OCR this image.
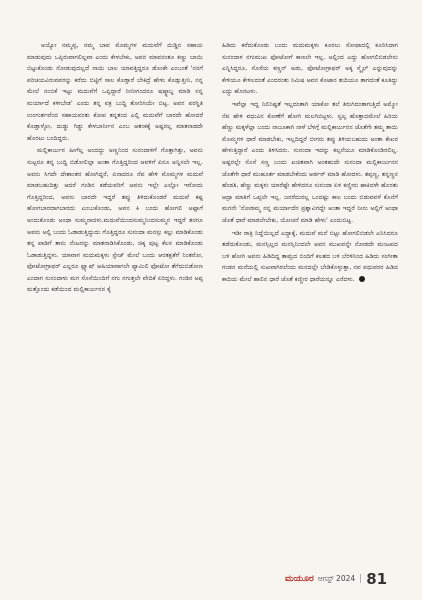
ಅಯ್ಯೋ ನಮ್ಮಪ್ಪ, ನಮ್ಮ ಬಾವ ಮೊಮ್ಮಗಳ ಮದುವೆಗೆ ದುಡ್ಡಿನ ಸಹಾಯ ಮಾಡುವುದು ಒಪ್ಪಿರುವಾಗಲಿಲ್ಲವಾ ಎಂದು ಕೇಳಬೇಕು, ಅವನ ಮಾವನಂತೂ ಕಣ್ಣು ಬಾಯಿ ಬಿಟ್ಟುಕೊಂಡು ನೋಡುವುದಲ್ಲದೆ ನಾಯಿ ಬಾಲ ಯಾವತ್ತಿದ್ದರೂ ಡೊಂಕೇ ಎಂಬಂತೆ 'ನನಗೆ ಪರಿಚಯವಿರುವವರನ್ನು ಕರೆದು ಬಿಟ್ಟಿಗೆ ಸಾಲ ಕೊಡ್ತಾರೆ ಬೇಕಿದ್ರೆ ಹೇಳು ಕೊಡ್ಸುತ್ತೀನಿ, ನನ್ನ ಮೇಲೆ ನಂಬಿಕೆ ಇಟ್ಟು ಮದುವೆಗೆ ಒಪ್ಪಿದ್ದಾರೆ ನೀನೀಗಂದರೂ ಷಷ್ಠ್ಯಾಬ್ದ ಮಾಡಿ ನನ್ನ ಮರ್ಯಾದೆ ಕಳೀಬೇಡ' ಎಂದು ತನ್ನ ವಕ್ರ ಬುದ್ಧಿ ತೋರಿಸಿಯೇ ಬಿಟ್ಟ. ಅವನ ಪರಸ್ಥಿತಿ ಉಂಗುರ್ತವೆಂದ ಸಹಾಯವಂತು ಕೋಪ ತನ್ನತಂದ ಎಲ್ಲಿ ಮದುವೆಗೆ ಬಾರದೇ ಹೋದರೆ ಕೊಡ್ತಾಳ್ಳೋ, ದುಡ್ಡು ಗಿಡ್ಡು ಕೇಳಬಾರ್ನೀನ ಎಂಬ ಆತಂಕಕ್ಕೆ ಅಷ್ಟರಲ್ಲ ಮಾತನಾಡದೇ ಹೊರಟು ಬಂದಿದ್ದರು.

ಮಲ್ಲಿಕಾರ್ಜುನ ಹೀಗೆಲ್ಲ ಅಂದದ್ದು ಅಣ್ಣನಿಂದ ಸುನಂದಾಳಿಗೆ ಗೊತ್ತಾಗಿತ್ತು, ಅವನು ಸುಟ್ಟರೂ ತನ್ನ ಬುದ್ದಿ ಬಿಡೋಲಿಲ್ಲಾ ಅಂತಾ ಗೊತ್ತಿದ್ದರಿಂದ ಆವಳಿಗೆ ಏನೂ ಅನ್ನಿಸಲೇ ಇಲ್ಲ. ಅವನು ಸಿಗದೇ ದೇಶಾಂತರ ಹೋಗಿದ್ದರೆ, ಏನಾದರೂ ನೆಪ ಹೇಳಿ ಮೊಮ್ಮಗಳ ಮದುವೆ ಮಾಡಬಹುದಿತ್ತು ಆದರೆ ಗಂಡಿನ ಕಡೆಯವರಿಗೆ ಅವನು ಇಲ್ಲೇ ಎಲ್ಲೋ ಇರೋದು ಗೊತ್ತಿದ್ದರಿಂದ, ಅವನು ಬಾರದೇ ಇದ್ದರೆ ತಪ್ಪು ತಿಳಿದುಕೊಂಡರೆ ಮದುವೆ ಕಷ್ಟ ಹೋಗಬಾರದಾಗಬಾರದು ಎಂಬುಕೊಂಡು, ಅವನ ಕಿ ಬಂದು ಹೋಗಲಿ ಅಷ್ಟಾಗೆ ಅಂದುಕೊಂಡು ಅಂಥಾ ಸುಮ್ಮನಾದಳು.ಮದುವೆಯಿಂದಸುಮ್ಮನಿಂದಸುಮ್ಮನ ಇದ್ದರೆ ತನಗೂ ಅವನು ಅಲ್ಲಿ ಬಂದು ಓಡಾಡುತ್ತಿದ್ದುದು ಗೊತ್ತಿದ್ದರೂ ಸುನಂದಾ ಮನಸ್ಸು ಕಲ್ಲು ಮಾಡಿಕೊಂಡು ತನ್ನ ಪಾಡಿಗೆ ತಾನು ನೆಂಟರನ್ನು ಮಾತನಾಡಿಸಿಕೊಂಡು, ಚಿಕ್ಕ ಪುಟ್ಟ ಕೆಲಸ ಮಾಡಿಕೊಂಡು ಓಡಾಡುತ್ತಿದ್ದಳು. ಯಾವಾಗ ಮದುಮಕ್ಕಳು ಸ್ಟೇಜ್ ಮೇಲೆ ಬಂದು ಆರತಕ್ಷತೆಗೆ ನಿಂತರೋ, ಫೋಟೋಗ್ರಾಫರ್ ಎಲ್ಲರೂ ಫ್ಲ್ಯಾಷ್ ಆಹಿಯಾವಾಗಲೇ ಫ್ಯಾಮಿಲಿ ಫೋಟೋ ತೆಗೆದುಬಿಡೋಣ ಎಂದಾಗ ಸುನಂದಾಳು ಮಗ ಸೊಸೆಯಿಂದಿಗೆ ನಗು ನಗುತ್ತಲೇ ವೇದಿಕೆ ಏರಿದ್ದಳು. ಗಂಡಿನ ಅಪ್ಪ ಮತ್ತೊಂದು ಕಡೆಯಿಂದ ಮಲ್ಲಿಕಾರ್ಜುನನ ಕೈ

ಹಿಡಿದು ಕರೆದುಕೊಂಡು ಬಂದು ಮದುಮಕ್ಕಳು ಕೂರಲು ಸೋಫಾದಲ್ಲಿ ಕೂರಿಸಿದಾಗ ಸುನಂದಾಳ ನಗುಮುಖ ಫೋಟೋಗೆ ಕಾಣಲೇ ಇಲ್ಲ. ಅಲ್ಲಿಂದ ಎದ್ದು ಹೋಗಲಿಬಿಡಲೇನು ಎನ್ನಿಸಿದ್ದರೂ, ಸೊಸೆಯ ಕಣ್ಣನ್ ಅಡು, ಫೋಟೋಗ್ರಾಫರ್ ಅಕ್ಕ ಸ್ಮೈಲ್ ಎನ್ನುವುದನ್ನು ಕೇಳಿಯೂ ಕೇಳಿಲದಂತೆ ಎಂದರಂತು ನಿಮಿಷ ಅವನ ಕೊಟಾನ ತುದಿಯೂ ತಾಗದಂತೆ ಕೂತಿದ್ದು ಎದ್ದು ಹೊರಟಳು.

ಇವೆಲ್ಲಾ ಇದ್ದ ನಿಲಿನಿಷ್ಟತೆ ಇಲ್ಲದಂತಾಗಿ ಯಾಕೋ ತಲೆ ತಿರುಗಿದಂತಾಗುತ್ತಿದೆ ಅಮ್ಮೋ ನೆಪ ಹೇಳಿ ವಧುವಿನ ಕೋಣೆಗೆ ಹೋಗಿ ಮಲಗಿಬಿಟ್ಟಳು. ಸ್ವಲ್ಪ ಹೊತ್ತಾದಮೇಲೆ ಹಿರಿಯ ಹೆಣ್ಣು ಮಕ್ಕಳೆಲ್ಲಾ ಬಂದು ನಾಜೂಕಾಗಿ ನಾಳೆ ಬೆಳಗ್ಗೆ ಮಲ್ಲಿಕಾರ್ಜುನನ ಜೊತೆಗೇ ತಮ್ಮ ತಾಯಿ ಮೊಮ್ಮಗಳ ಧಾರೆ ಮಾಡಬೇಕು, ಇಲ್ಲದಿದ್ದರೆ ಬೀಗರು ತಪ್ಪು ತಿಳಿಯಬಹುದು ಅಂತಾ ಕೇಖರ ಹೇಳುತ್ತಿದ್ದಾರೆ ಎಂದು ತಿಳಿಸಿದರು. ಸುನಂದಾ ಇದನ್ನು ಕಲ್ಪನೆಯೂ ಮಾಡಿಕೊಂಡಿರಲಿಲ್ಲ. ಅಷ್ಟರಲ್ಲೇ ಸೊಸೆ ಸಣ್ಣ ಬಂದು ಖಚಿತವಾಗಿ ಅಂತಹುದೇ ಸುನಂದಾ ಮಲ್ಲಿಕಾರ್ಜುನನ ಜೊತೆಗೇ ಧಾರೆ ಮುಹೂರ್ತ ಮಾಡಬೇಕೆಂದು ಆರ್ಡರ್ ಮಾಡಿ ಹೋದಳು. ತಪ್ಪಣ್ಣ, ತನ್ನಣ್ಣನ ಹೆಂಡತಿ, ಹೆಣ್ಣು ಮಕ್ಕಳು ಯಾರೆಷ್ಟೇ ಹೇಳಿದರೂ ಸುನಂದಾ ಏಳ ಕಣ್ಣೀರು ಹಾಕಿದಳೇ ಹೊರತು ಆದ್ರಾ ಮಾತಿಗೆ ಒಪ್ಪಲೇ ಇಲ್ಲ. ಜನರೆದುರಲ್ಲ ಒಂದಷ್ಟು ಕಾಲ ಬಂದು ಬಿಡುವವಳೆ ಕೊನೆಗೆ ಮಗನೇ 'ನೋಡಮ್ಮ ನನ್ನ ಮರ್ಯಾದೆನ ಪ್ರಶ್ನಾವಿಗದ್ದೇ ಅಂತಾ ಇದ್ದರೆ ನೀನು ಅಲ್ಲಿಗೆ ಅಂಥಾ ಜೊತೆ ಧಾರೆ ಮಾಡಲೇಬೇಕು, ಯೋಚನೆ ಮಾಡಿ ಹೇಳು' ಎಂದುಬಿಟ್ಟ.

ಇಡೀ ರಾತ್ರಿ ನಿದ್ದೆಯಿಲ್ಲದೆ ಎದ್ದಾಕ್ಕೆ, ಮದುವೆ ಮನೆ ಬಿಟ್ಟು ಹೋಗಲಿಬಿಡಲೇ ಎನಿಸಿದರೂ ತಡೆದುಕೊಂಡು, ಮನಸ್ಸಿಲ್ಲದ ಮನಸ್ಸಿನಿಂದಲೇ ಅವನ ಮುಖವನ್ನೇ ನೋಡದೇ ಮಂಟಪದ ಬಳಿ ಹೋಗಿ ಅವನು ಹಿಡಿದಿದ್ದ ತಾಮ್ರದ ಬಿಂದಿಗೆ ಕಲಶದ ಬಳಿ ಬೆರಳಿನಿಂದ ಹಿಡಿದು ಸಂಗೀತಾ ಗಂಡನ ಮನೆಯಲ್ಲಿ ಸುಖವಾಗಿರಲೆಂದು ಮನದಲ್ಲೇ ಬೇಡಿಕೊಳ್ಳುತ್ತಾ, ನವ ವಧುವರರ ಹಿಡಿದ ಕಾದಿಯ ಮೇಲೆ ಹಾಲಿನ ಧಾರೆ ಜೊತೆ ಕಣ್ಣೀರ ಧಾರೆಯನ್ನೂ ಎರೆದಳು.

ಮಯೂರ ಆಗಸ್ಟ್ 2024 | 81
